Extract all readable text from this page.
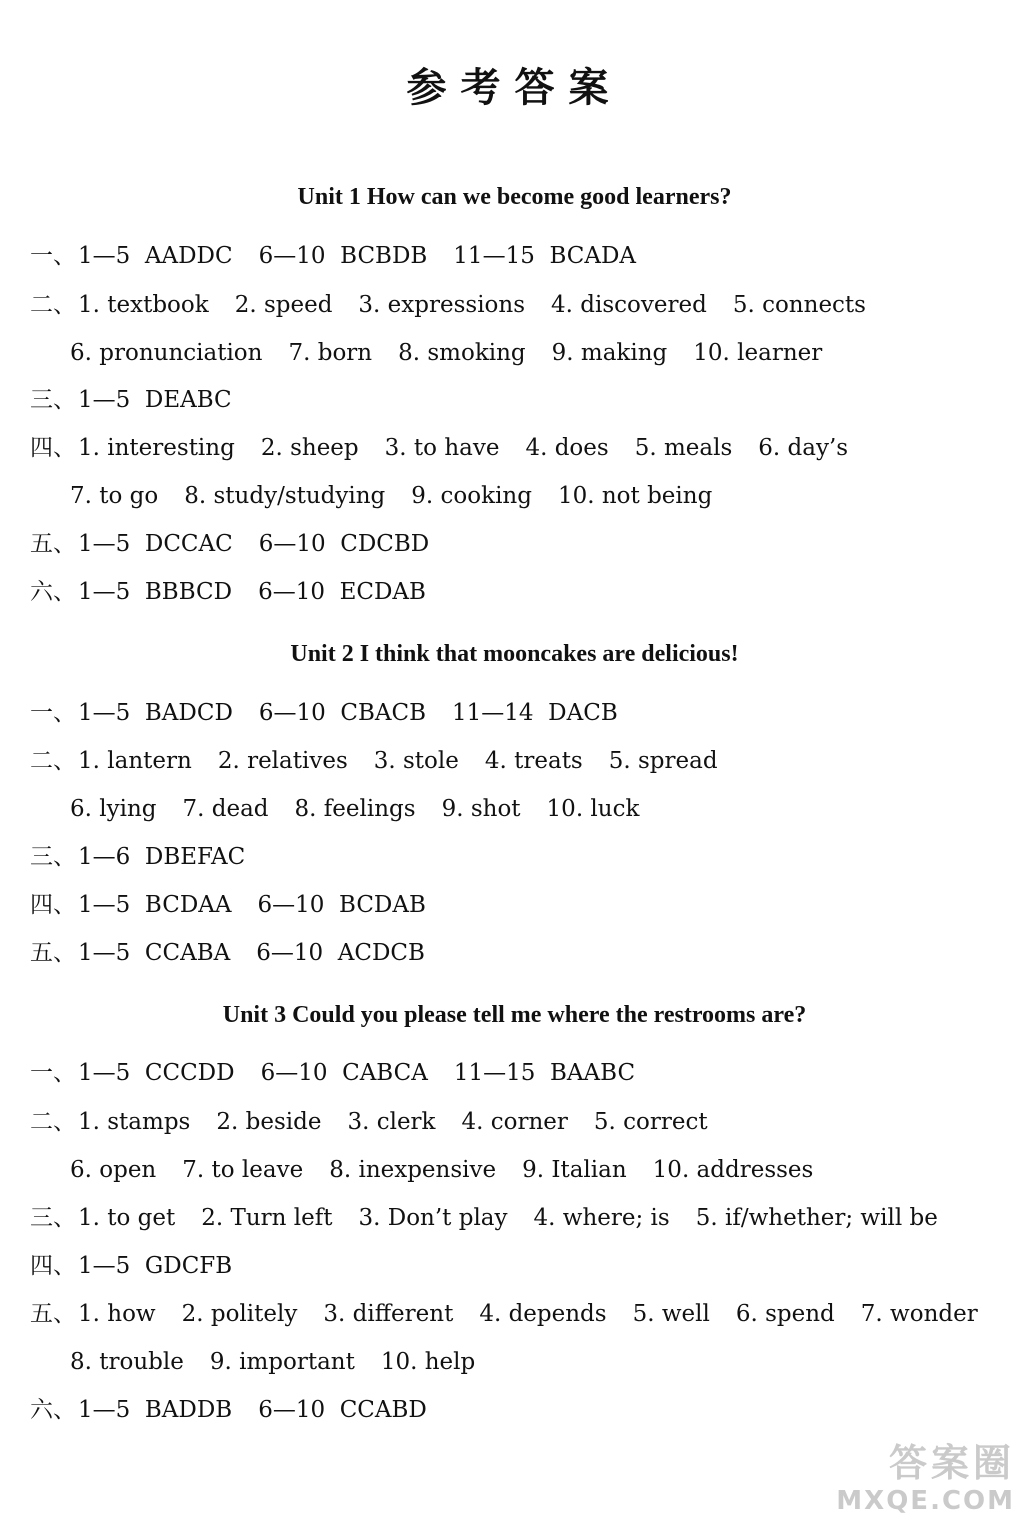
参考答案
Unit 1 How can we become good learners?
Unit 2 I think that mooncakes are delicious!
Unit 3 Could you please tell me where the restrooms are?
一、1—5  AADDC 6—10  BCBDB 11—15  BCADA
二、1. textbook 2. speed 3. expressions 4. discovered 5. connects
6. pronunciation 7. born 8. smoking 9. making 10. learner
三、1—5  DEABC
四、1. interesting 2. sheep 3. to have 4. does 5. meals 6. day’s
7. to go 8. study/studying 9. cooking 10. not being
五、1—5  DCCAC 6—10  CDCBD
六、1—5  BBBCD 6—10  ECDAB
一、1—5  BADCD 6—10  CBACB 11—14  DACB
二、1. lantern 2. relatives 3. stole 4. treats 5. spread
6. lying 7. dead 8. feelings 9. shot 10. luck
三、1—6  DBEFAC
四、1—5  BCDAA 6—10  BCDAB
五、1—5  CCABA 6—10  ACDCB
一、1—5  CCCDD 6—10  CABCA 11—15  BAABC
二、1. stamps 2. beside 3. clerk 4. corner 5. correct
6. open 7. to leave 8. inexpensive 9. Italian 10. addresses
三、1. to get 2. Turn left 3. Don’t play 4. where; is 5. if/whether; will be
四、1—5  GDCFB
五、1. how 2. politely 3. different 4. depends 5. well 6. spend 7. wonder
8. trouble 9. important 10. help
六、1—5  BADDB 6—10  CCABD
答案圈
MXQE.COM
